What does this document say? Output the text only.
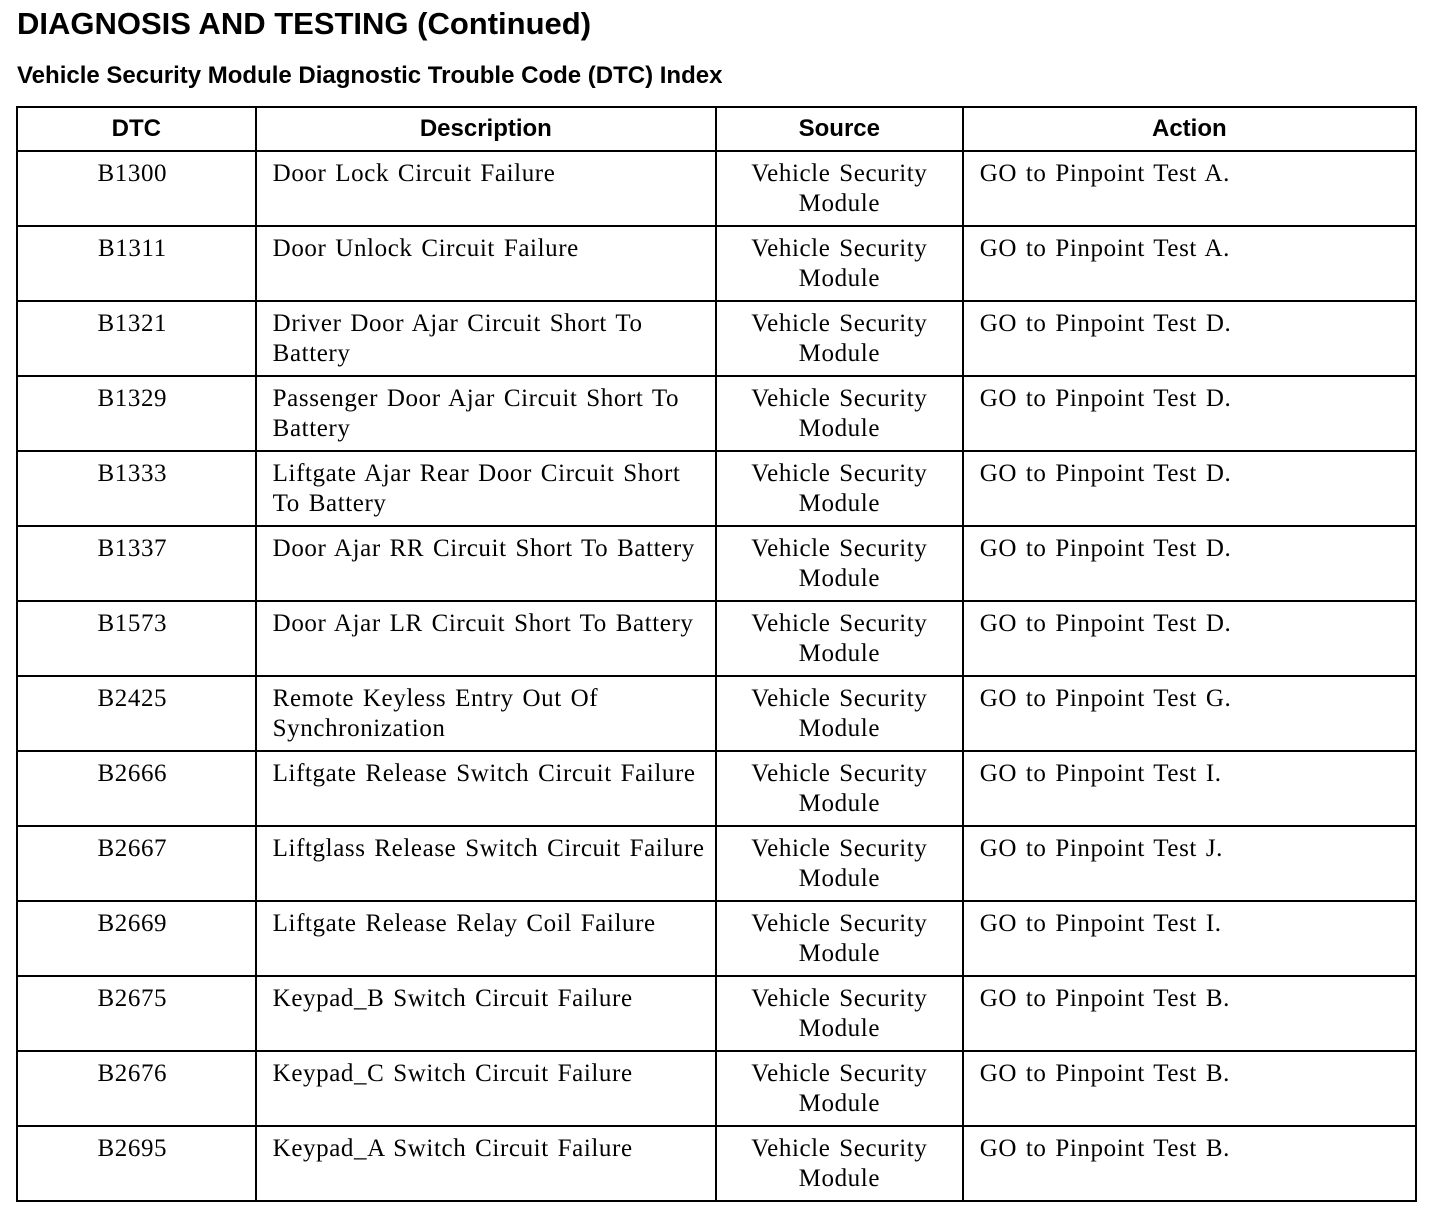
DIAGNOSIS AND TESTING (Continued)
Vehicle Security Module Diagnostic Trouble Code (DTC) Index
DTC	Description	Source	Action

B1300	Door Lock Circuit Failure	Vehicle Security Module	GO to Pinpoint Test A.

B1311	Door Unlock Circuit Failure	Vehicle Security Module	GO to Pinpoint Test A.

B1321	Driver Door Ajar Circuit Short To Battery	Vehicle Security Module	GO to Pinpoint Test D.

B1329	Passenger Door Ajar Circuit Short To Battery	Vehicle Security Module	GO to Pinpoint Test D.

B1333	Liftgate Ajar Rear Door Circuit Short To Battery	Vehicle Security Module	GO to Pinpoint Test D.

B1337	Door Ajar RR Circuit Short To Battery	Vehicle Security Module	GO to Pinpoint Test D.

B1573	Door Ajar LR Circuit Short To Battery	Vehicle Security Module	GO to Pinpoint Test D.

B2425	Remote Keyless Entry Out Of Synchronization	Vehicle Security Module	GO to Pinpoint Test G.

B2666	Liftgate Release Switch Circuit Failure	Vehicle Security Module	GO to Pinpoint Test I.

B2667	Liftglass Release Switch Circuit Failure	Vehicle Security Module	GO to Pinpoint Test J.

B2669	Liftgate Release Relay Coil Failure	Vehicle Security Module	GO to Pinpoint Test I.

B2675	Keypad_B Switch Circuit Failure	Vehicle Security Module	GO to Pinpoint Test B.

B2676	Keypad_C Switch Circuit Failure	Vehicle Security Module	GO to Pinpoint Test B.

B2695	Keypad_A Switch Circuit Failure	Vehicle Security Module	GO to Pinpoint Test B.
